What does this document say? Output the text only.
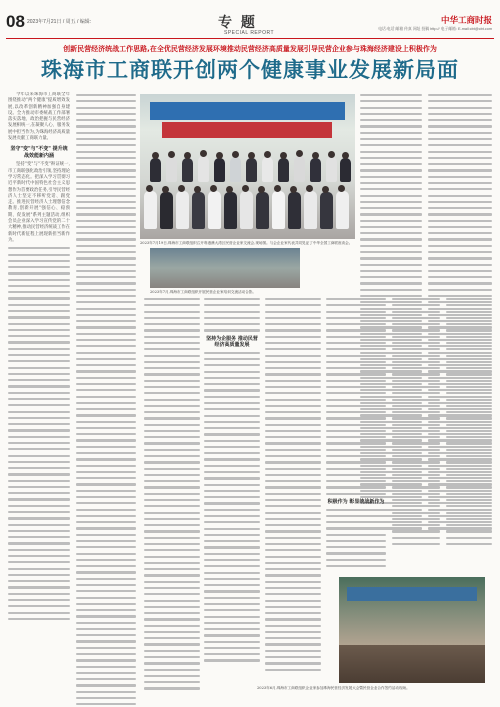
08 2023年7月21日 / 周五 / 编辑:	专 题
SPECIAL REPORT
中华工商时报
电话:电话 邮箱 传真 网址 投稿 http:// 电子邮箱: E-mail:cbt@cbt.com
创新民营经济统战工作思路,在全优民营经济发展环境推动民营经济高质量发展引导民营企业参与珠海经济建设上积极作为
珠海市工商联开创两个健康事业发展新局面

今年以来珠海市工商联全年围绕推动"两个健康"提质增效发展,以改革创新精神加强自身建设。全力推动市委统战工作部署落实落地、政治把握与民营经济发展相统一,在凝聚人心、服务发展中担当作为,为珠海经济高质量发展贡献工商联力量。

坚守"变"与"不变" 提升统战效能新内涵

坚持"变"与"不变"辩证统一,市工商联强化政治引领,坚持理论学习常态化。把深入学习贯彻习近平新时代中国特色社会主义思想作为首要政治任务,引导民营经济人士坚定不移听党话、跟党走。推进民营经济人士理想信念教育,创新开展"强信心、稳预期、促发展"系列主题活动,组织会员企业深入学习宣传党的二十大精神,推动民营经济统战工作在新时代新征程上展现新担当新作为。

2023年7月19日,珠海市工商联组织召开粤港澳大湾区民营企业家交流会,现场图。与会企业家代表共同见证了中华全国工商联座谈会。
2023年7月,珠海市工商联组织开展民营企业家培训交流活动合影。
坚持为企服务 推动民营经济高质量发展
积极作为 彰显统战新作为
2023年6月,珠海市工商联组织企业家参加珠海民营经济发展大会暨民营企业合作签约活动现场。
